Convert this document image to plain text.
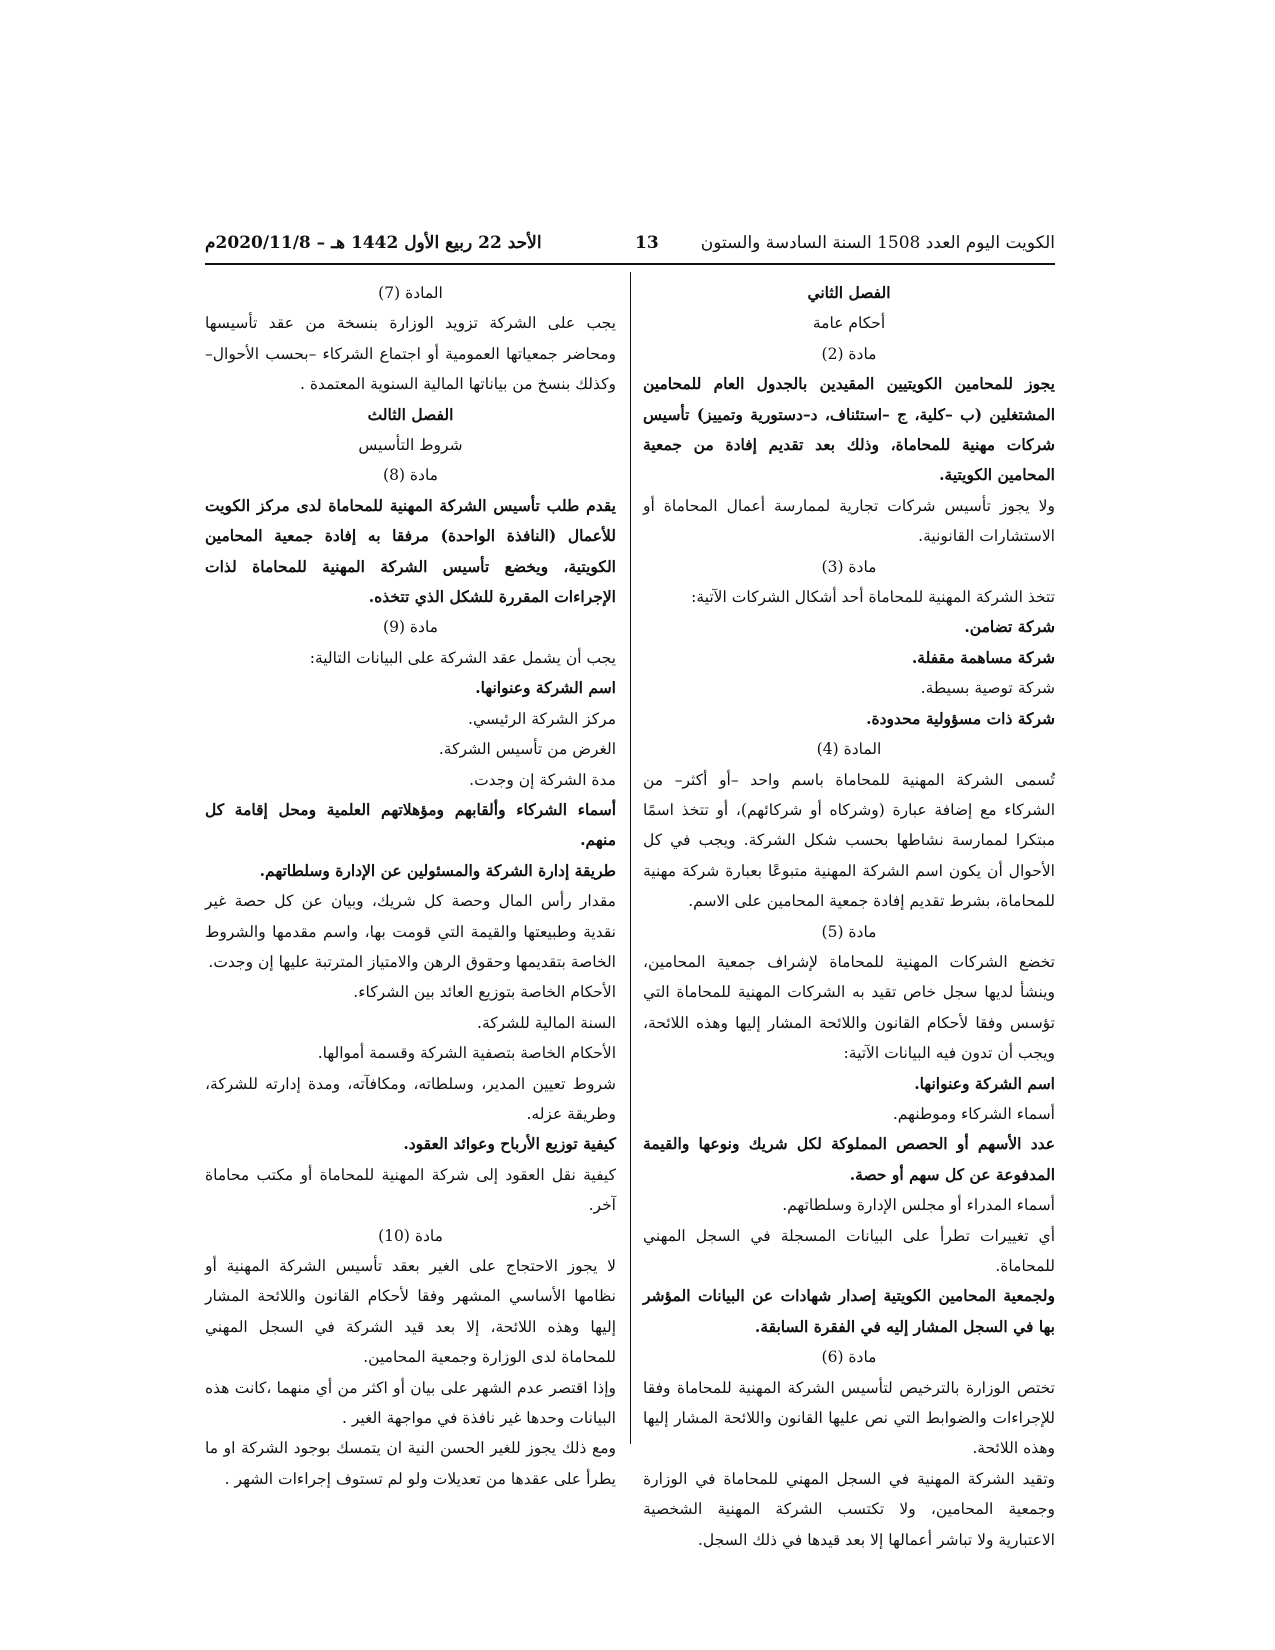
الأحد 22 ربيع الأول 1442 هـ – 2020/11/8م	13 الكويت اليوم العدد 1508 السنة السادسة والستون

الفصل الثاني

أحكام عامة

مادة (2)

يجوز للمحامين الكويتيين المقيدين بالجدول العام للمحامين المشتغلين (ب –كلية، ج –استئناف، د–دستورية وتمييز) تأسيس شركات مهنية للمحاماة، وذلك بعد تقديم إفادة من جمعية المحامين الكويتية.

ولا يجوز تأسيس شركات تجارية لممارسة أعمال المحاماة أو الاستشارات القانونية.

مادة (3)

تتخذ الشركة المهنية للمحاماة أحد أشكال الشركات الآتية:

شركة تضامن.

شركة مساهمة مقفلة.

شركة توصية بسيطة.

شركة ذات مسؤولية محدودة.

المادة (4)

تُسمى الشركة المهنية للمحاماة باسم واحد –أو أكثر– من الشركاء مع إضافة عبارة (وشركاه أو شركائهم)، أو تتخذ اسمًا مبتكرا لممارسة نشاطها بحسب شكل الشركة. ويجب في كل الأحوال أن يكون اسم الشركة المهنية متبوعًا بعبارة شركة مهنية للمحاماة، بشرط تقديم إفادة جمعية المحامين على الاسم.

مادة (5)

تخضع الشركات المهنية للمحاماة لإشراف جمعية المحامين، وينشأ لديها سجل خاص تقيد به الشركات المهنية للمحاماة التي تؤسس وفقا لأحكام القانون واللائحة المشار إليها وهذه اللائحة، ويجب أن تدون فيه البيانات الآتية:

اسم الشركة وعنوانها.

أسماء الشركاء وموطنهم.

عدد الأسهم أو الحصص المملوكة لكل شريك ونوعها والقيمة المدفوعة عن كل سهم أو حصة.

أسماء المدراء أو مجلس الإدارة وسلطاتهم.

أي تغييرات تطرأ على البيانات المسجلة في السجل المهني للمحاماة.

ولجمعية المحامين الكويتية إصدار شهادات عن البيانات المؤشر بها في السجل المشار إليه في الفقرة السابقة.

مادة (6)

تختص الوزارة بالترخيص لتأسيس الشركة المهنية للمحاماة وفقا للإجراءات والضوابط التي نص عليها القانون واللائحة المشار إليها وهذه اللائحة.

وتقيد الشركة المهنية في السجل المهني للمحاماة في الوزارة وجمعية المحامين، ولا تكتسب الشركة المهنية الشخصية الاعتبارية ولا تباشر أعمالها إلا بعد قيدها في ذلك السجل.

المادة (7)

يجب على الشركة تزويد الوزارة بنسخة من عقد تأسيسها ومحاضر جمعياتها العمومية أو اجتماع الشركاء –بحسب الأحوال– وكذلك بنسخ من بياناتها المالية السنوية المعتمدة .

الفصل الثالث

شروط التأسيس

مادة (8)

يقدم طلب تأسيس الشركة المهنية للمحاماة لدى مركز الكويت للأعمال (النافذة الواحدة) مرفقا به إفادة جمعية المحامين الكويتية، ويخضع تأسيس الشركة المهنية للمحاماة لذات الإجراءات المقررة للشكل الذي تتخذه.

مادة (9)

يجب أن يشمل عقد الشركة على البيانات التالية:

اسم الشركة وعنوانها.

مركز الشركة الرئيسي.

الغرض من تأسيس الشركة.

مدة الشركة إن وجدت.

أسماء الشركاء وألقابهم ومؤهلاتهم العلمية ومحل إقامة كل منهم.

طريقة إدارة الشركة والمسئولين عن الإدارة وسلطاتهم.

مقدار رأس المال وحصة كل شريك، وبيان عن كل حصة غير نقدية وطبيعتها والقيمة التي قومت بها، واسم مقدمها والشروط الخاصة بتقديمها وحقوق الرهن والامتياز المترتبة عليها إن وجدت.

الأحكام الخاصة بتوزيع العائد بين الشركاء.

السنة المالية للشركة.

الأحكام الخاصة بتصفية الشركة وقسمة أموالها.

شروط تعيين المدير، وسلطاته، ومكافآته، ومدة إدارته للشركة، وطريقة عزله.

كيفية توزيع الأرباح وعوائد العقود.

كيفية نقل العقود إلى شركة المهنية للمحاماة أو مكتب محاماة آخر.

مادة (10)

لا يجوز الاحتجاج على الغير بعقد تأسيس الشركة المهنية أو نظامها الأساسي المشهر وفقا لأحكام القانون واللائحة المشار إليها وهذه اللائحة، إلا بعد قيد الشركة في السجل المهني للمحاماة لدى الوزارة وجمعية المحامين.

وإذا اقتصر عدم الشهر على بيان أو اكثر من أي منهما ،كانت هذه البيانات وحدها غير نافذة في مواجهة الغير .

ومع ذلك يجوز للغير الحسن النية ان يتمسك بوجود الشركة او ما يطرأ على عقدها من تعديلات ولو لم تستوف إجراءات الشهر .
